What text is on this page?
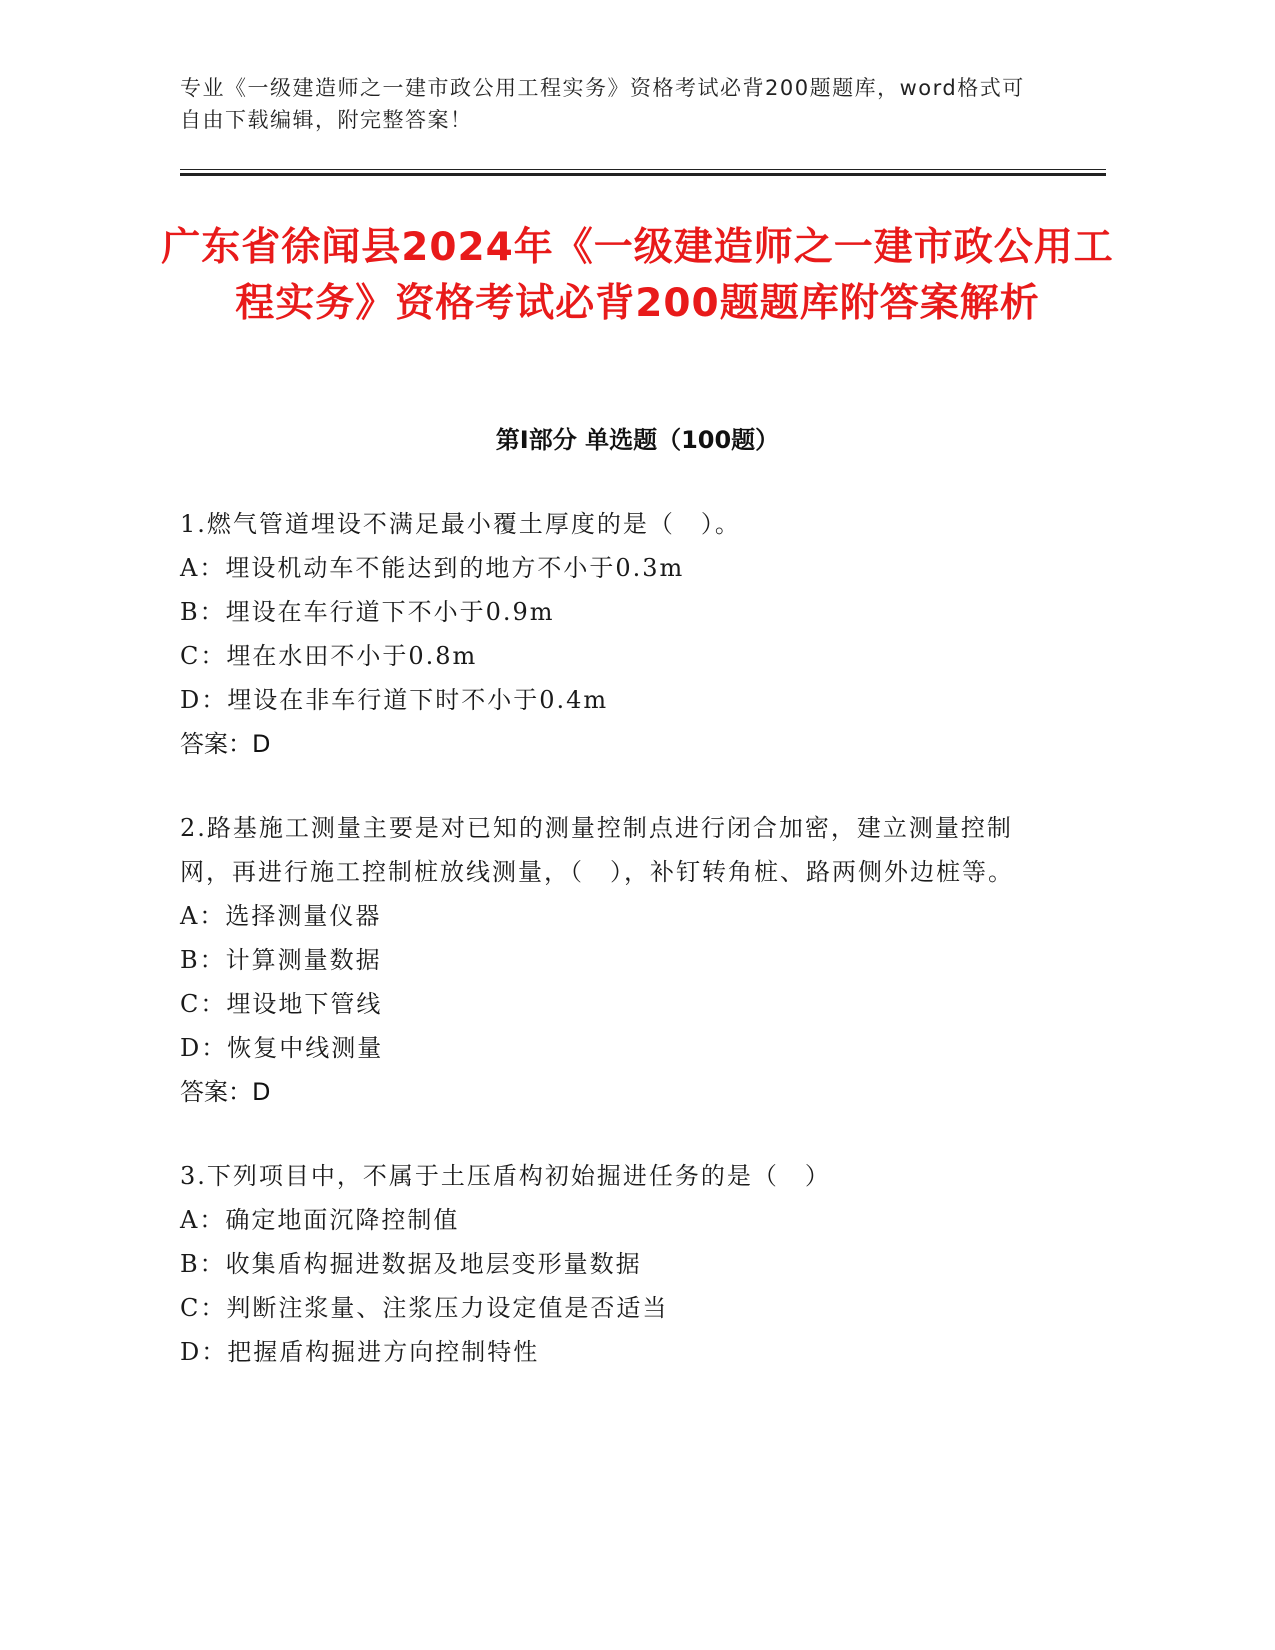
专业《一级建造师之一建市政公用工程实务》资格考试必背200题题库，word格式可自由下载编辑，附完整答案！
广东省徐闻县2024年《一级建造师之一建市政公用工程实务》资格考试必背200题题库附答案解析
第Ⅰ部分 单选题（100题）

1.燃气管道埋设不满足最小覆土厚度的是（　）。

A：埋设机动车不能达到的地方不小于0.3m

B：埋设在车行道下不小于0.9m

C：埋在水田不小于0.8m

D：埋设在非车行道下时不小于0.4m

答案：D

2.路基施工测量主要是对已知的测量控制点进行闭合加密，建立测量控制网，再进行施工控制桩放线测量，（　），补钉转角桩、路两侧外边桩等。

A：选择测量仪器

B：计算测量数据

C：埋设地下管线

D：恢复中线测量

答案：D

3.下列项目中，不属于土压盾构初始掘进任务的是（　）

A：确定地面沉降控制值

B：收集盾构掘进数据及地层变形量数据

C：判断注浆量、注浆压力设定值是否适当

D：把握盾构掘进方向控制特性
